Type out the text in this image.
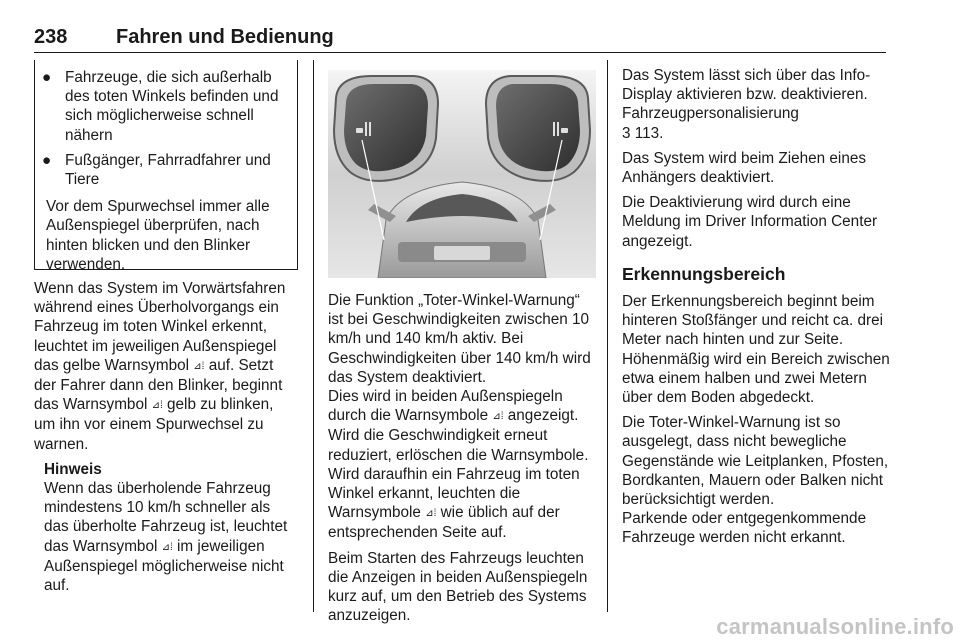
238 Fahren und Bedienung
● Fahrzeuge, die sich außerhalb des toten Winkels befinden und sich möglicherweise schnell nähern
● Fußgänger, Fahrradfahrer und Tiere

Vor dem Spurwechsel immer alle Außenspiegel überprüfen, nach hinten blicken und den Blinker verwenden.

Wenn das System im Vorwärtsfahren während eines Überholvorgangs ein Fahrzeug im toten Winkel erkennt, leuchtet im jeweiligen Außenspiegel das gelbe Warnsymbol ⊿⁞ auf. Setzt der Fahrer dann den Blinker, beginnt das Warnsymbol ⊿⁞ gelb zu blinken, um ihn vor einem Spurwechsel zu warnen.

Hinweis
Wenn das überholende Fahrzeug mindestens 10 km/h schneller als das überholte Fahrzeug ist, leuchtet das Warnsymbol ⊿⁞ im jeweiligen Außenspiegel möglicherweise nicht auf.

Die Funktion „Toter-Winkel-Warnung“ ist bei Geschwindigkeiten zwischen 10 km/h und 140 km/h aktiv. Bei Geschwindigkeiten über 140 km/h wird das System deaktiviert.

Dies wird in beiden Außenspiegeln durch die Warnsymbole ⊿⁞ angezeigt. Wird die Geschwindigkeit erneut reduziert, erlöschen die Warnsymbole. Wird daraufhin ein Fahrzeug im toten Winkel erkannt, leuchten die Warnsymbole ⊿⁞ wie üblich auf der entsprechenden Seite auf.

Beim Starten des Fahrzeugs leuchten die Anzeigen in beiden Außenspiegeln kurz auf, um den Betrieb des Systems anzuzeigen.

Das System lässt sich über das Info-Display aktivieren bzw. deaktivieren. Fahrzeugpersonalisierung
3 113.

Das System wird beim Ziehen eines Anhängers deaktiviert.

Die Deaktivierung wird durch eine Meldung im Driver Information Center angezeigt.

Erkennungsbereich

Der Erkennungsbereich beginnt beim hinteren Stoßfänger und reicht ca. drei Meter nach hinten und zur Seite. Höhenmäßig wird ein Bereich zwischen etwa einem halben und zwei Metern über dem Boden abgedeckt.

Die Toter-Winkel-Warnung ist so ausgelegt, dass nicht bewegliche Gegenstände wie Leitplanken, Pfosten, Bordkanten, Mauern oder Balken nicht berücksichtigt werden.

Parkende oder entgegenkommende Fahrzeuge werden nicht erkannt.

carmanualsonline.info
